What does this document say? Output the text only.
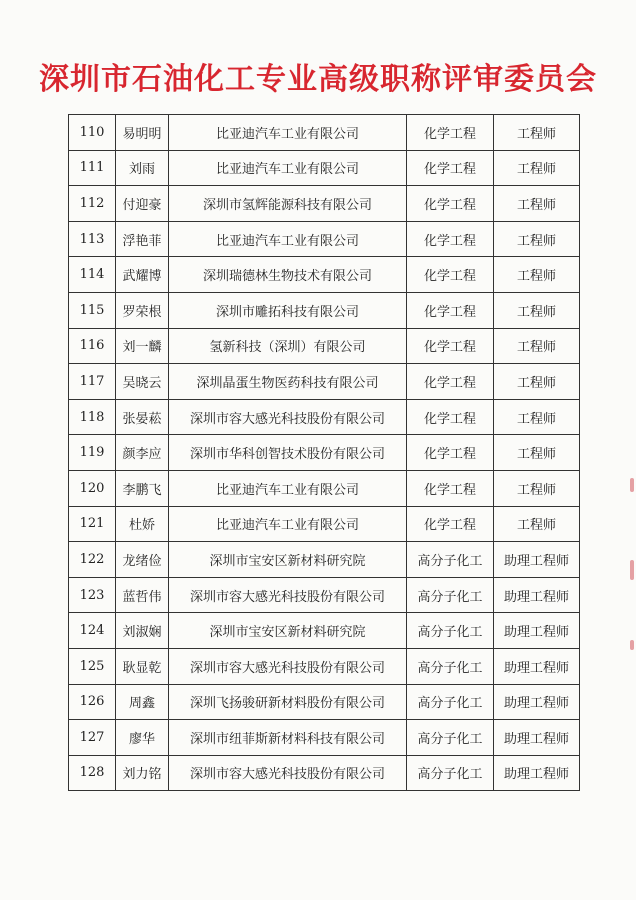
深圳市石油化工专业高级职称评审委员会
110	易明明	比亚迪汽车工业有限公司	化学工程	工程师
111	刘雨	比亚迪汽车工业有限公司	化学工程	工程师
112	付迎豪	深圳市氢辉能源科技有限公司	化学工程	工程师
113	浮艳菲	比亚迪汽车工业有限公司	化学工程	工程师
114	武耀博	深圳瑞德林生物技术有限公司	化学工程	工程师
115	罗荣根	深圳市雕拓科技有限公司	化学工程	工程师
116	刘一麟	氢新科技（深圳）有限公司	化学工程	工程师
117	吴晓云	深圳晶蛋生物医药科技有限公司	化学工程	工程师
118	张晏菘	深圳市容大感光科技股份有限公司	化学工程	工程师
119	颜李应	深圳市华科创智技术股份有限公司	化学工程	工程师
120	李鹏飞	比亚迪汽车工业有限公司	化学工程	工程师
121	杜娇	比亚迪汽车工业有限公司	化学工程	工程师
122	龙绪俭	深圳市宝安区新材料研究院	高分子化工	助理工程师
123	蓝哲伟	深圳市容大感光科技股份有限公司	高分子化工	助理工程师
124	刘淑娴	深圳市宝安区新材料研究院	高分子化工	助理工程师
125	耿显乾	深圳市容大感光科技股份有限公司	高分子化工	助理工程师
126	周鑫	深圳飞扬骏研新材料股份有限公司	高分子化工	助理工程师
127	廖华	深圳市纽菲斯新材料科技有限公司	高分子化工	助理工程师
128	刘力铭	深圳市容大感光科技股份有限公司	高分子化工	助理工程师
